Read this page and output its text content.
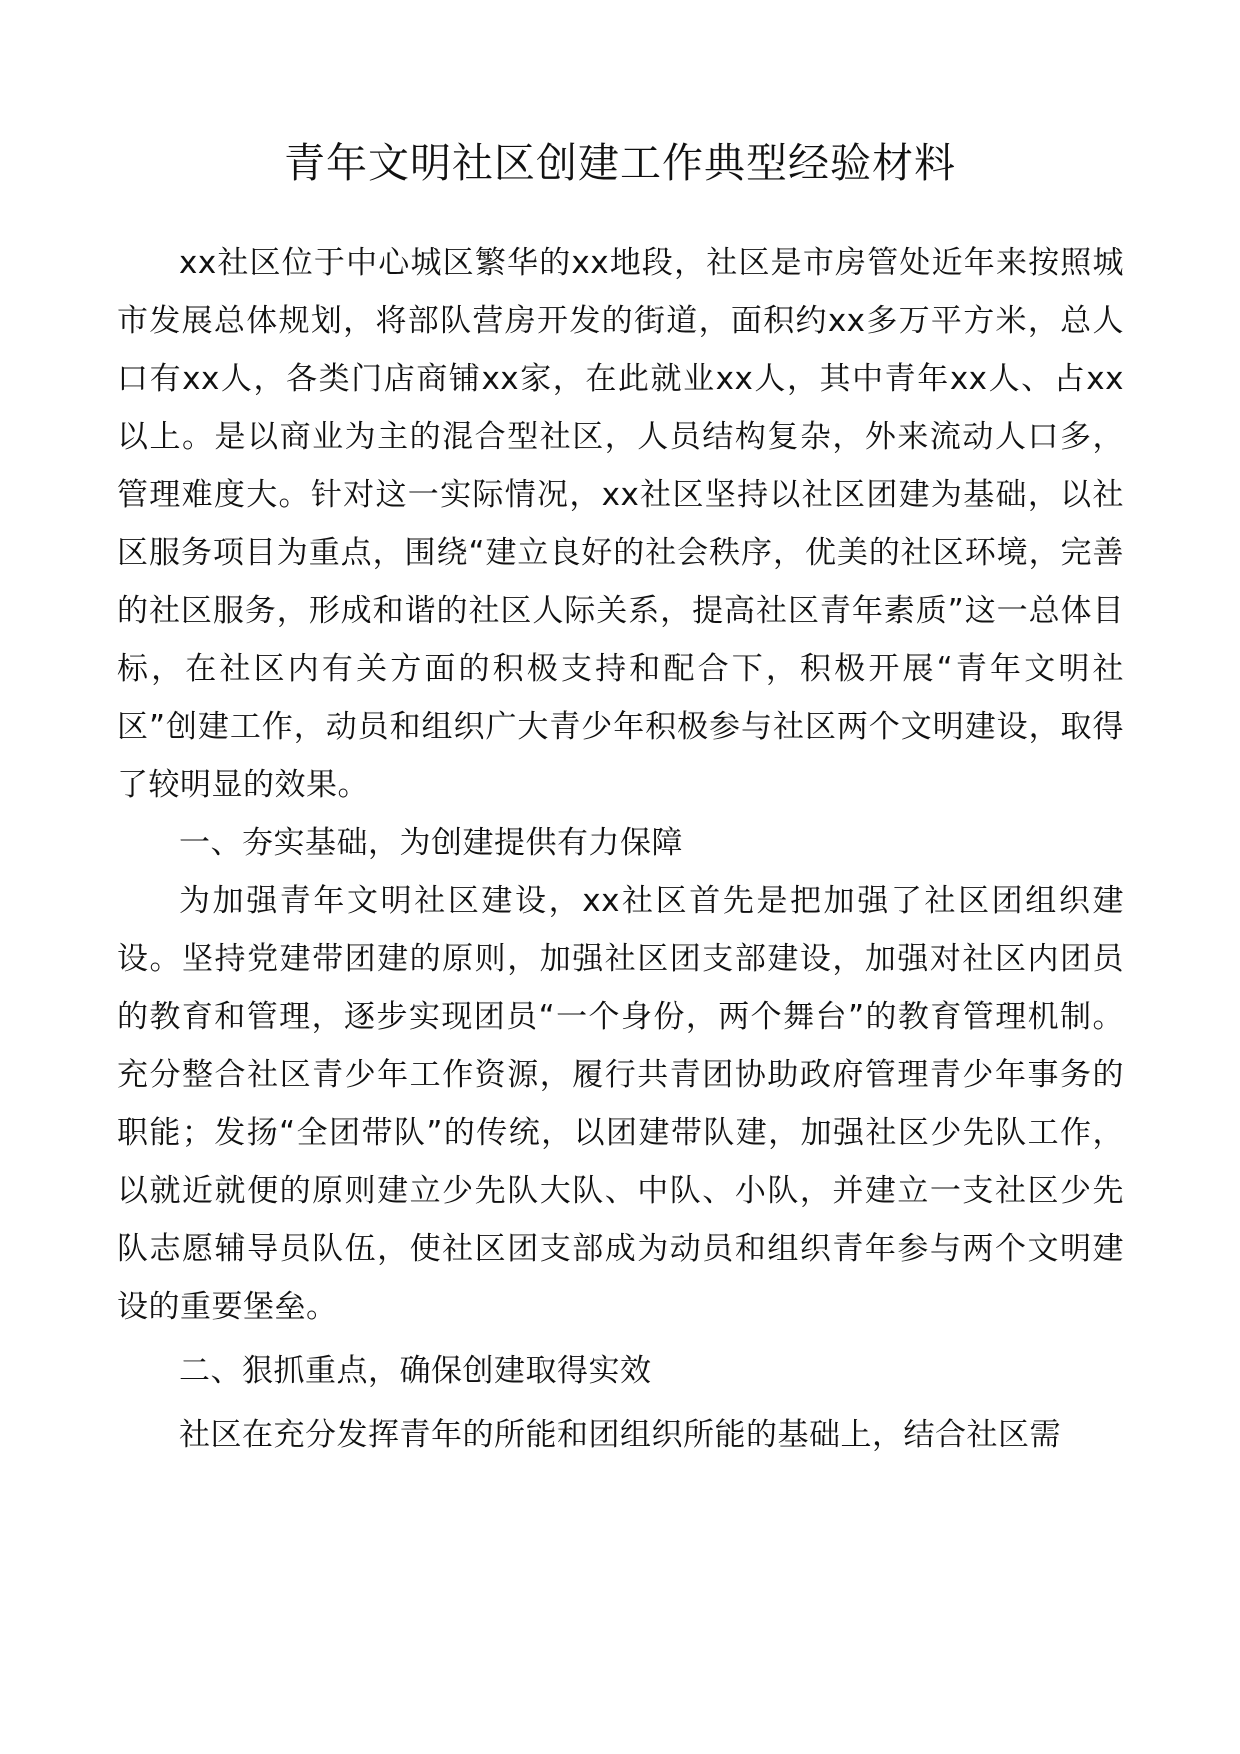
青年文明社区创建工作典型经验材料

xx社区位于中心城区繁华的xx地段，社区是市房管处近年来按照城市发展总体规划，将部队营房开发的街道，面积约xx多万平方米，总人口有xx人，各类门店商铺xx家，在此就业xx人，其中青年xx人、占xx以上。是以商业为主的混合型社区，人员结构复杂，外来流动人口多，管理难度大。针对这一实际情况，xx社区坚持以社区团建为基础，以社区服务项目为重点，围绕“建立良好的社会秩序，优美的社区环境，完善的社区服务，形成和谐的社区人际关系，提高社区青年素质”这一总体目标，在社区内有关方面的积极支持和配合下，积极开展“青年文明社区”创建工作，动员和组织广大青少年积极参与社区两个文明建设，取得了较明显的效果。

一、夯实基础，为创建提供有力保障

为加强青年文明社区建设，xx社区首先是把加强了社区团组织建设。坚持党建带团建的原则，加强社区团支部建设，加强对社区内团员的教育和管理，逐步实现团员“一个身份，两个舞台”的教育管理机制。充分整合社区青少年工作资源，履行共青团协助政府管理青少年事务的职能；发扬“全团带队”的传统，以团建带队建，加强社区少先队工作，以就近就便的原则建立少先队大队、中队、小队，并建立一支社区少先队志愿辅导员队伍，使社区团支部成为动员和组织青年参与两个文明建设的重要堡垒。

二、狠抓重点，确保创建取得实效

社区在充分发挥青年的所能和团组织所能的基础上，结合社区需
